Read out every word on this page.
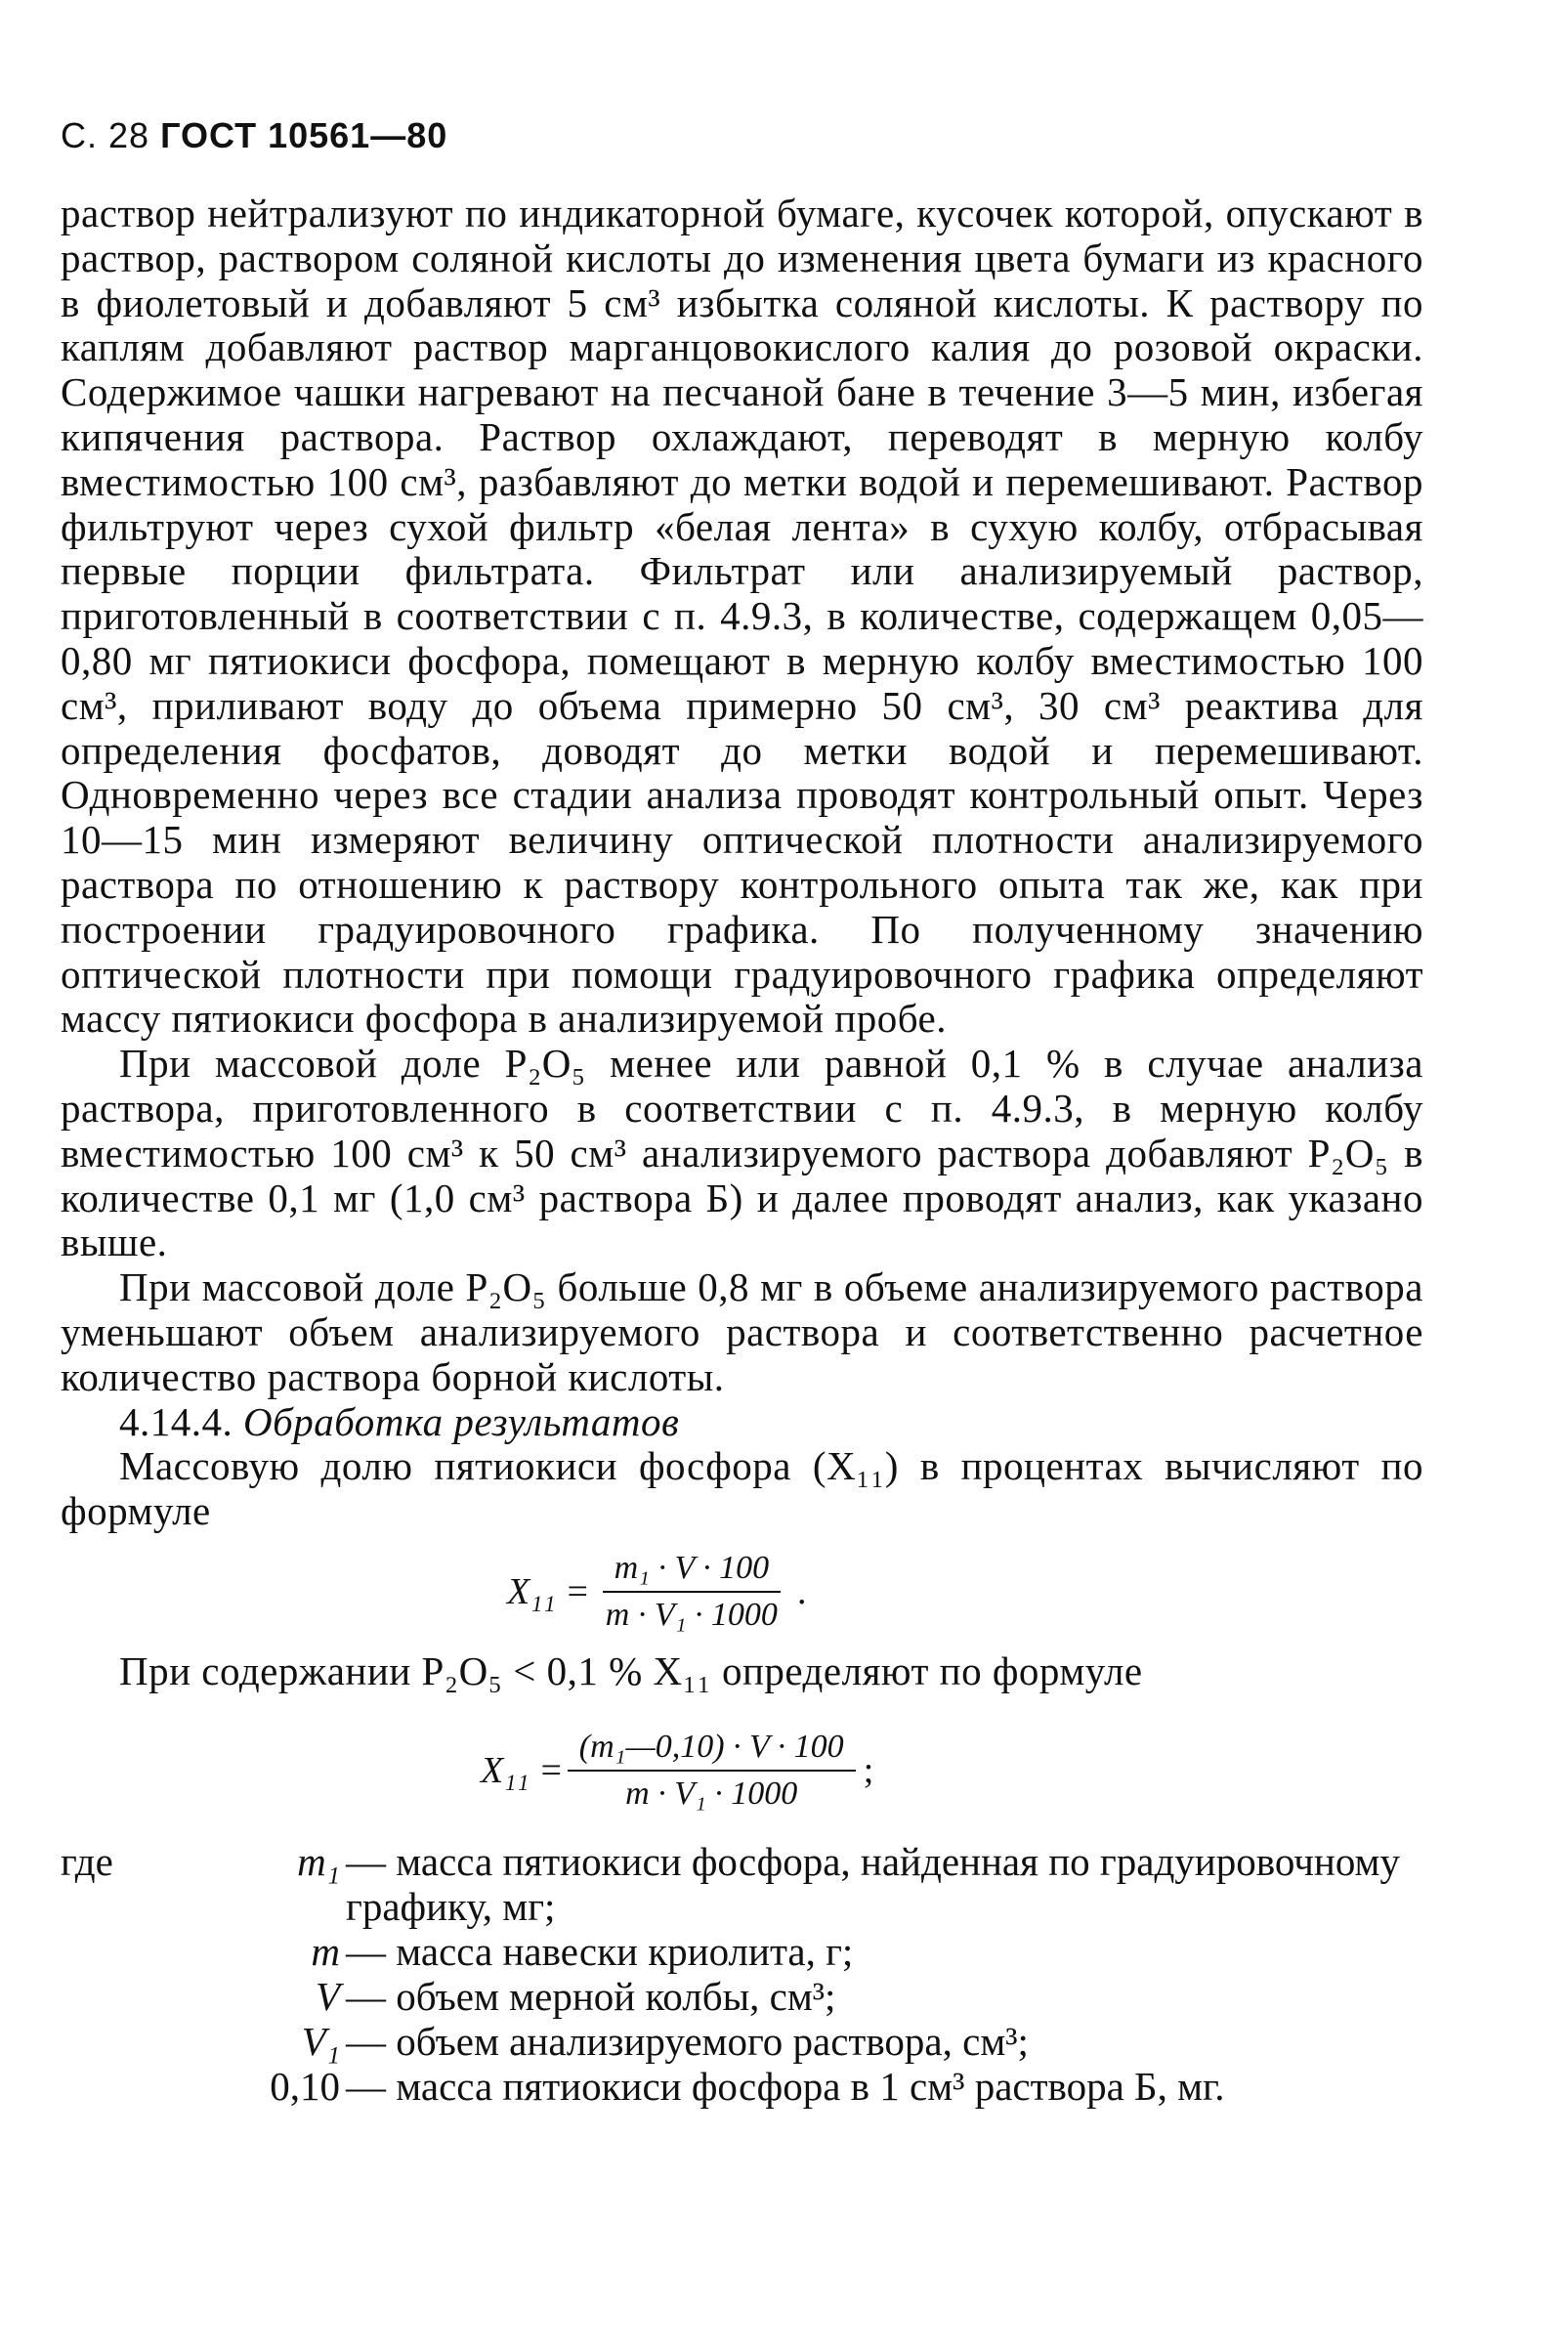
С. 28 ГОСТ 10561—80

раствор нейтрализуют по индикаторной бумаге, кусочек которой, опускают в раствор, раствором соляной кислоты до изменения цвета бумаги из красного в фиолетовый и добавляют 5 см³ избытка соляной кислоты. К раствору по каплям добавляют раствор марганцовокислого калия до розовой окраски. Содержимое чашки нагревают на песчаной бане в течение 3—5 мин, избегая кипячения раствора. Раствор охлаждают, переводят в мерную колбу вместимостью 100 см³, разбавляют до метки водой и перемешивают. Раствор фильтруют через сухой фильтр «белая лента» в сухую колбу, отбрасывая первые порции фильтрата. Фильтрат или анализируемый раствор, приготовленный в соответствии с п. 4.9.3, в количестве, содержащем 0,05—0,80 мг пятиокиси фосфора, помещают в мерную колбу вместимостью 100 см³, приливают воду до объема примерно 50 см³, 30 см³ реактива для определения фосфатов, доводят до метки водой и перемешивают. Одновременно через все стадии анализа проводят контрольный опыт. Через 10—15 мин измеряют величину оптической плотности анализируемого раствора по отношению к раствору контрольного опыта так же, как при построении градуировочного графика. По полученному значению оптической плотности при помощи градуировочного графика определяют массу пятиокиси фосфора в анализируемой пробе.

При массовой доле P₂O₅ менее или равной 0,1 % в случае анализа раствора, приготовленного в соответствии с п. 4.9.3, в мерную колбу вместимостью 100 см³ к 50 см³ анализируемого раствора добавляют P₂O₅ в количестве 0,1 мг (1,0 см³ раствора Б) и далее проводят анализ, как указано выше.

При массовой доле P₂O₅ больше 0,8 мг в объеме анализируемого раствора уменьшают объем анализируемого раствора и соответственно расчетное количество раствора борной кислоты.

4.14.4. Обработка результатов

Массовую долю пятиокиси фосфора (X₁₁) в процентах вычисляют по формуле

$X_{11} = \frac{\text{m₁ · V · 100}}{\text{m · V₁ · 1000}}$ .

При содержании P₂O₅ < 0,1 % X₁₁ определяют по формуле

$X_{11} = \frac{\text{(m₁—0,10) · V · 100}}{\text{m · V₁ · 1000}}$ ;
где	m₁ — масса пятиокиси фосфора, найденная по градуировочному графику, мг;
m — масса навески криолита, г;
V — объем мерной колбы, см³;
V₁ — объем анализируемого раствора, см³;
0,10 — масса пятиокиси фосфора в 1 см³ раствора Б, мг.
